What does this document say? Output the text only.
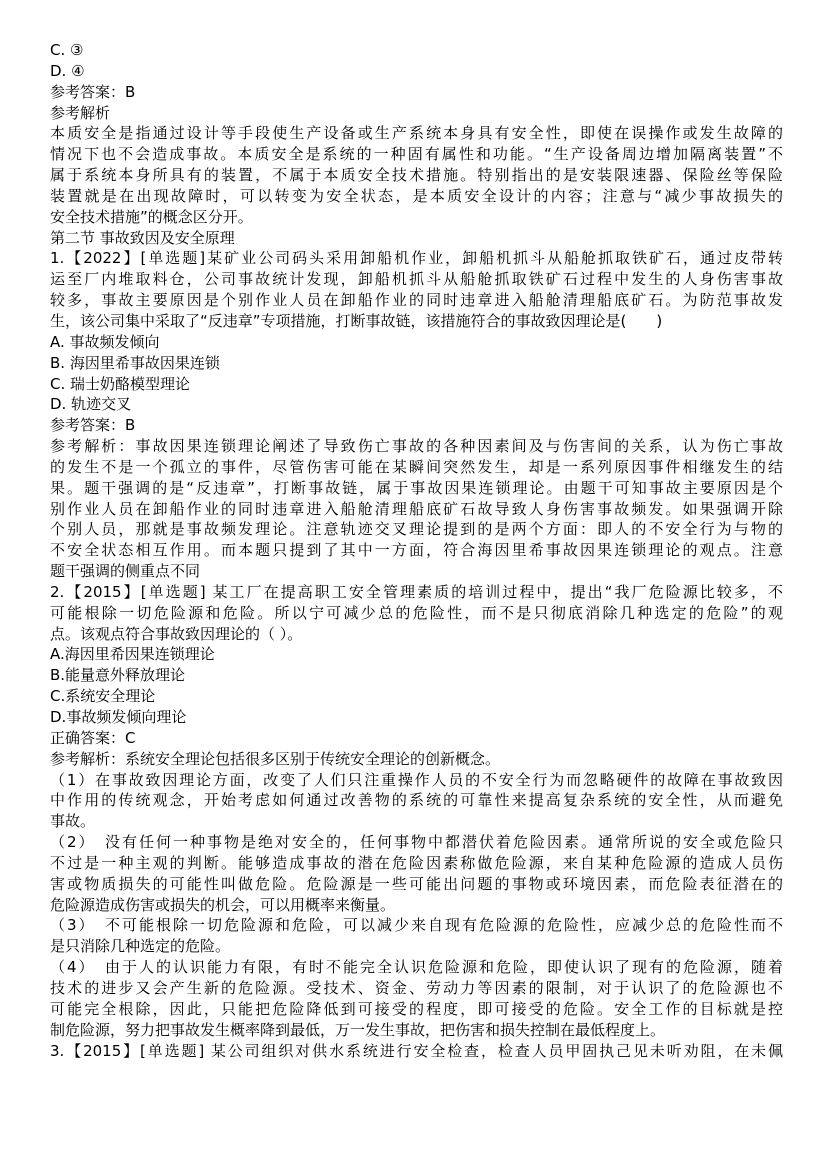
C. ③
D. ④
参考答案：B
参考解析
本质安全是指通过设计等手段使生产设备或生产系统本身具有安全性，即使在误操作或发生故障的
情况下也不会造成事故。本质安全是系统的一种固有属性和功能。“生产设备周边增加隔离装置”不
属于系统本身所具有的装置，不属于本质安全技术措施。特别指出的是安装限速器、保险丝等保险
装置就是在出现故障时，可以转变为安全状态，是本质安全设计的内容；注意与“减少事故损失的
安全技术措施”的概念区分开。
第二节 事故致因及安全原理
1.【2022】[单选题]某矿业公司码头采用卸船机作业，卸船机抓斗从船舱抓取铁矿石，通过皮带转
运至厂内堆取料仓，公司事故统计发现，卸船机抓斗从船舱抓取铁矿石过程中发生的人身伤害事故
较多，事故主要原因是个别作业人员在卸船作业的同时违章进入船舱清理船底矿石。为防范事故发
生，该公司集中采取了“反违章”专项措施，打断事故链，该措施符合的事故致因理论是(　　)
A. 事故频发倾向
B. 海因里希事故因果连锁
C. 瑞士奶酪模型理论
D. 轨迹交叉
参考答案：B
参考解析：事故因果连锁理论阐述了导致伤亡事故的各种因素间及与伤害间的关系，认为伤亡事故
的发生不是一个孤立的事件，尽管伤害可能在某瞬间突然发生，却是一系列原因事件相继发生的结
果。题干强调的是“反违章”，打断事故链，属于事故因果连锁理论。由题干可知事故主要原因是个
别作业人员在卸船作业的同时违章进入船舱清理船底矿石故导致人身伤害事故频发。如果强调开除
个别人员，那就是事故频发理论。注意轨迹交叉理论提到的是两个方面：即人的不安全行为与物的
不安全状态相互作用。而本题只提到了其中一方面，符合海因里希事故因果连锁理论的观点。注意
题干强调的侧重点不同
2.【2015】[单选题] 某工厂在提高职工安全管理素质的培训过程中，提出“我厂危险源比较多，不
可能根除一切危险源和危险。所以宁可减少总的危险性，而不是只彻底消除几种选定的危险”的观
点。该观点符合事故致因理论的（ ）。
A.海因里希因果连锁理论
B.能量意外释放理论
C.系统安全理论
D.事故频发倾向理论
正确答案：C
参考解析：系统安全理论包括很多区别于传统安全理论的创新概念。
（1）在事故致因理论方面，改变了人们只注重操作人员的不安全行为而忽略硬件的故障在事故致因
中作用的传统观念，开始考虑如何通过改善物的系统的可靠性来提高复杂系统的安全性，从而避免
事故。
（2）　没有任何一种事物是绝对安全的，任何事物中都潜伏着危险因素。通常所说的安全或危险只
不过是一种主观的判断。能够造成事故的潜在危险因素称做危险源，来自某种危险源的造成人员伤
害或物质损失的可能性叫做危险。危险源是一些可能出问题的事物或环境因素，而危险表征潜在的
危险源造成伤害或损失的机会，可以用概率来衡量。
（3）　不可能根除一切危险源和危险，可以减少来自现有危险源的危险性，应减少总的危险性而不
是只消除几种选定的危险。
（4）　由于人的认识能力有限，有时不能完全认识危险源和危险，即使认识了现有的危险源，随着
技术的进步又会产生新的危险源。受技术、资金、劳动力等因素的限制，对于认识了的危险源也不
可能完全根除，因此，只能把危险降低到可接受的程度，即可接受的危险。安全工作的目标就是控
制危险源，努力把事故发生概率降到最低，万一发生事故，把伤害和损失控制在最低程度上。
3.【2015】[单选题] 某公司组织对供水系统进行安全检查，检查人员甲固执己见未听劝阻，在未佩
